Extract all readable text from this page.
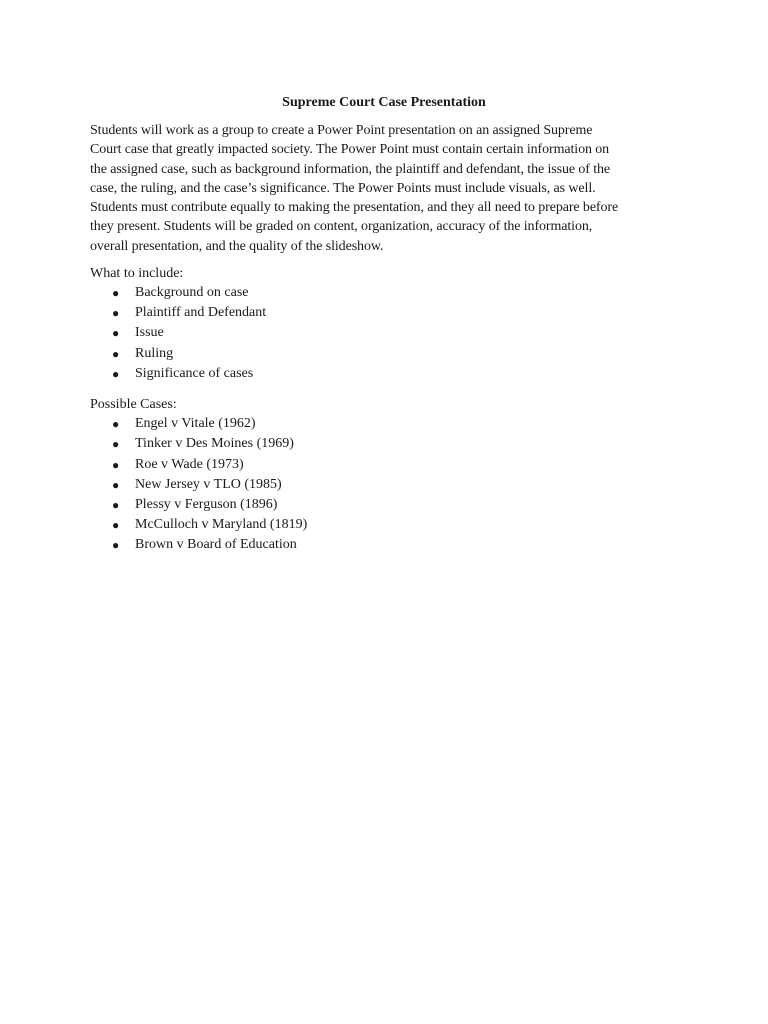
Supreme Court Case Presentation
Students will work as a group to create a Power Point presentation on an assigned Supreme
Court case that greatly impacted society. The Power Point must contain certain information on
the assigned case, such as background information, the plaintiff and defendant, the issue of the
case, the ruling, and the case’s significance. The Power Points must include visuals, as well.
Students must contribute equally to making the presentation, and they all need to prepare before
they present. Students will be graded on content, organization, accuracy of the information,
overall presentation, and the quality of the slideshow.
What to include:
● Background on case
● Plaintiff and Defendant
● Issue
● Ruling
● Significance of cases
Possible Cases:
● Engel v Vitale (1962)
● Tinker v Des Moines (1969)
● Roe v Wade (1973)
● New Jersey v TLO (1985)
● Plessy v Ferguson (1896)
● McCulloch v Maryland (1819)
● Brown v Board of Education
